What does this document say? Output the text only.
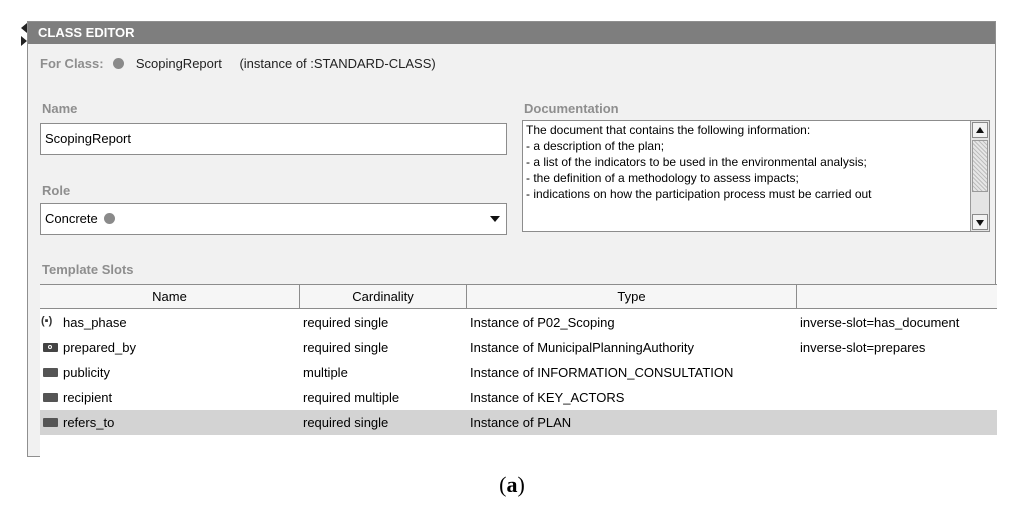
CLASS EDITOR
For Class: ScopingReport (instance of :STANDARD-CLASS)
Name
ScopingReport
Role
Concrete
Documentation
The document that contains the following information:
- a description of the plan;
- a list of the indicators to be used in the environmental analysis;
- the definition of a methodology to assess impacts;
- indications on how the participation process must be carried out
Template Slots
Name	Cardinality	Type
(▪) has_phase	required single	Instance of P02_Scoping	inverse-slot=has_document
prepared_by	required single	Instance of MunicipalPlanningAuthority	inverse-slot=prepares
publicity	multiple	Instance of INFORMATION_CONSULTATION
recipient	required multiple	Instance of KEY_ACTORS
refers_to	required single	Instance of PLAN
(a)
